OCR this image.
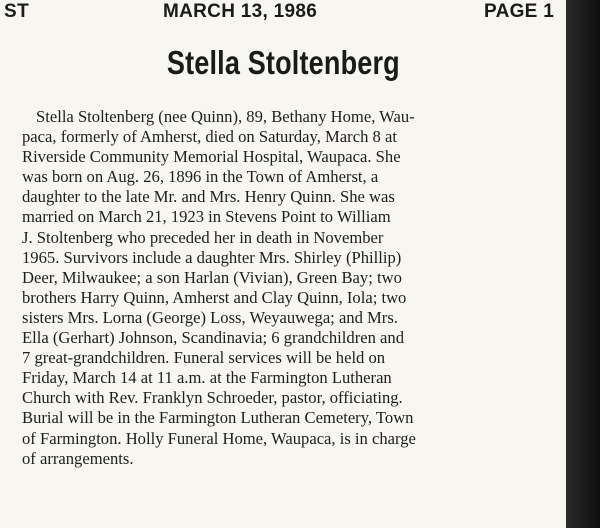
ST	MARCH 13, 1986	PAGE 1
Stella Stoltenberg
Stella Stoltenberg (nee Quinn), 89, Bethany Home, Wau-
paca, formerly of Amherst, died on Saturday, March 8 at
Riverside Community Memorial Hospital, Waupaca. She
was born on Aug. 26, 1896 in the Town of Amherst, a
daughter to the late Mr. and Mrs. Henry Quinn. She was
married on March 21, 1923 in Stevens Point to William
J. Stoltenberg who preceded her in death in November
1965. Survivors include a daughter Mrs. Shirley (Phillip)
Deer, Milwaukee; a son Harlan (Vivian), Green Bay; two
brothers Harry Quinn, Amherst and Clay Quinn, Iola; two
sisters Mrs. Lorna (George) Loss, Weyauwega; and Mrs.
Ella (Gerhart) Johnson, Scandinavia; 6 grandchildren and
7 great-grandchildren. Funeral services will be held on
Friday, March 14 at 11 a.m. at the Farmington Lutheran
Church with Rev. Franklyn Schroeder, pastor, officiating.
Burial will be in the Farmington Lutheran Cemetery, Town
of Farmington. Holly Funeral Home, Waupaca, is in charge
of arrangements.
